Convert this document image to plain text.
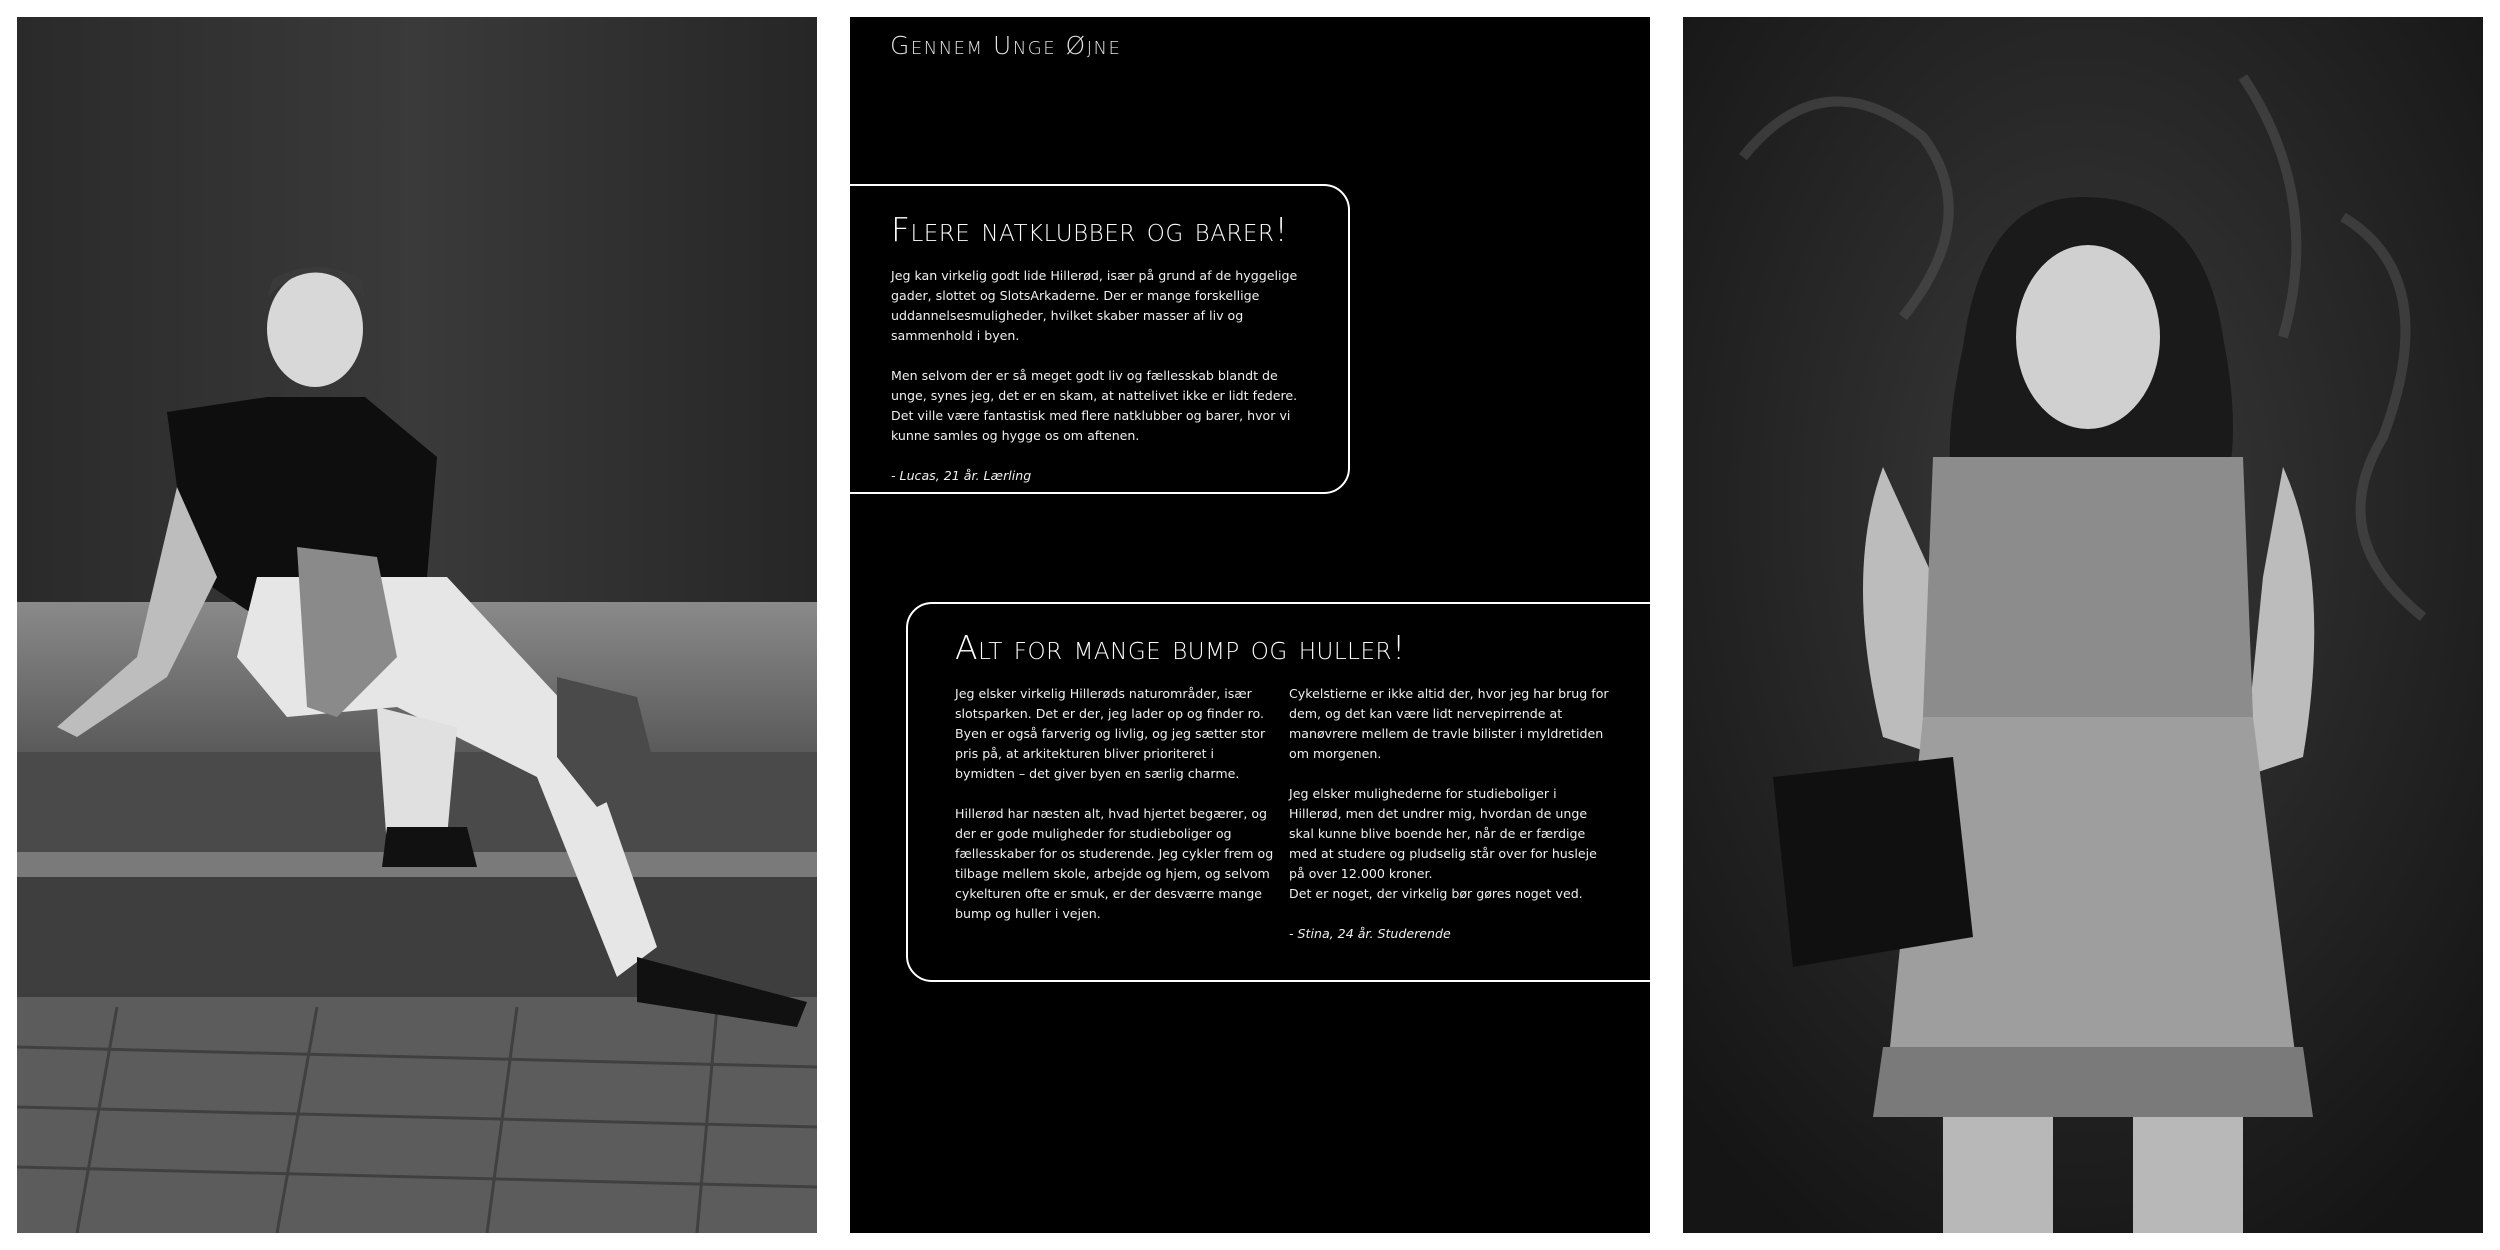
Gennem Unge Øjne
Flere natklubber og barer!

Jeg kan virkelig godt lide Hillerød, især på grund af de hyggelige gader, slottet og SlotsArkaderne. Der er mange forskellige uddannelsesmuligheder, hvilket skaber masser af liv og sammenhold i byen.

Men selvom der er så meget godt liv og fællesskab blandt de unge, synes jeg, det er en skam, at nattelivet ikke er lidt federe. Det ville være fantastisk med flere natklubber og barer, hvor vi kunne samles og hygge os om aftenen.

- Lucas, 21 år. Lærling

Alt for mange bump og huller!

Jeg elsker virkelig Hillerøds naturområder, især slotsparken. Det er der, jeg lader op og finder ro. Byen er også farverig og livlig, og jeg sætter stor pris på, at arkitekturen bliver prioriteret i bymidten – det giver byen en særlig charme.

Hillerød har næsten alt, hvad hjertet begærer, og der er gode muligheder for studieboliger og fællesskaber for os studerende. Jeg cykler frem og tilbage mellem skole, arbejde og hjem, og selvom cykelturen ofte er smuk, er der desværre mange bump og huller i vejen.

Cykelstierne er ikke altid der, hvor jeg har brug for dem, og det kan være lidt nervepirrende at manøvrere mellem de travle bilister i myldretiden om morgenen.

Jeg elsker mulighederne for studieboliger i Hillerød, men det undrer mig, hvordan de unge skal kunne blive boende her, når de er færdige med at studere og pludselig står over for husleje på over 12.000 kroner.
Det er noget, der virkelig bør gøres noget ved.

- Stina, 24 år. Studerende
